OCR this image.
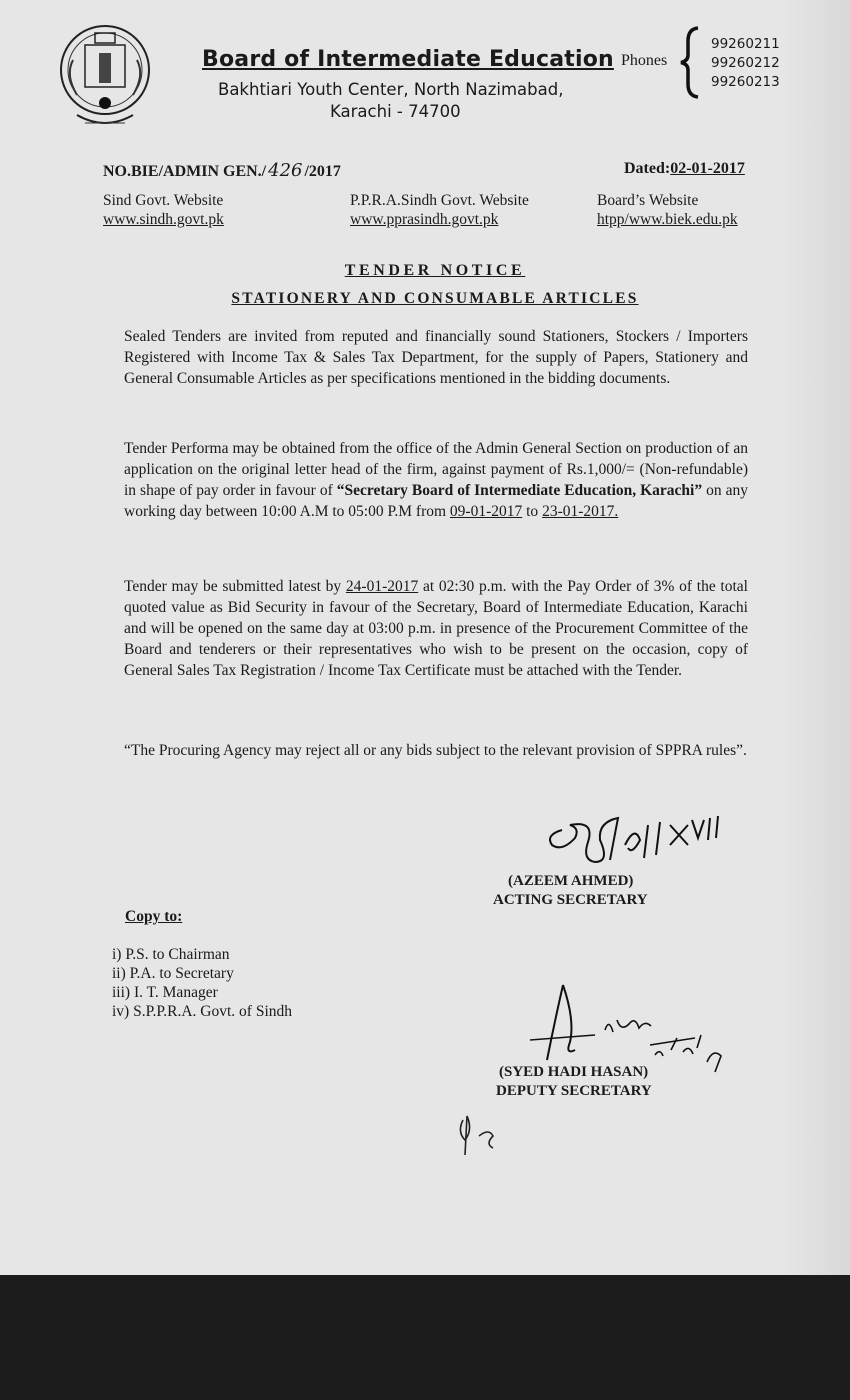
Board of Intermediate Education
Bakhtiari Youth Center, North Nazimabad,
Karachi - 74700
Phones
99260211
99260212
99260213
NO.BIE/ADMIN GEN./ 426 /2017	Dated:02-01-2017
Sind Govt. Website
www.sindh.govt.pk
P.P.R.A.Sindh Govt. Website
www.pprasindh.govt.pk
Board’s Website
htpp/www.biek.edu.pk
TENDER NOTICE
STATIONERY AND CONSUMABLE ARTICLES
Sealed Tenders are invited from reputed and financially sound Stationers, Stockers / Importers Registered with Income Tax & Sales Tax Department, for the supply of Papers, Stationery and General Consumable Articles as per specifications mentioned in the bidding documents.
Tender Performa may be obtained from the office of the Admin General Section on production of an application on the original letter head of the firm, against payment of Rs.1,000/= (Non-refundable) in shape of pay order in favour of “Secretary Board of Intermediate Education, Karachi” on any working day between 10:00 A.M to 05:00 P.M from 09-01-2017 to 23-01-2017.
Tender may be submitted latest by 24-01-2017 at 02:30 p.m. with the Pay Order of 3% of the total quoted value as Bid Security in favour of the Secretary, Board of Intermediate Education, Karachi and will be opened on the same day at 03:00 p.m. in presence of the Procurement Committee of the Board and tenderers or their representatives who wish to be present on the occasion, copy of General Sales Tax Registration / Income Tax Certificate must be attached with the Tender.
“The Procuring Agency may reject all or any bids subject to the relevant provision of SPPRA rules”.
(AZEEM AHMED)
ACTING SECRETARY
Copy to:
i) P.S. to Chairman
ii) P.A. to Secretary
iii) I. T. Manager
iv) S.P.P.R.A. Govt. of Sindh
(SYED HADI HASAN)
DEPUTY SECRETARY
